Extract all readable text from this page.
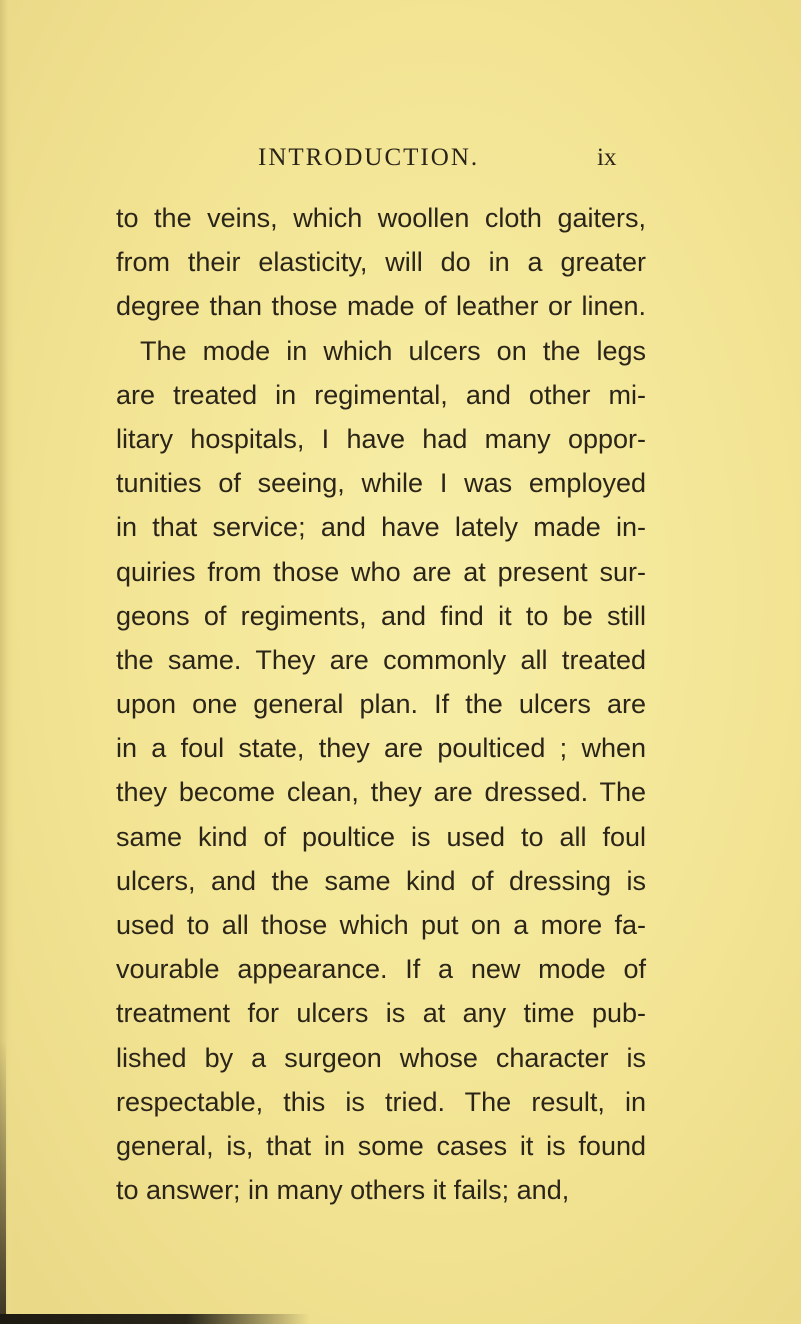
INTRODUCTION.	ix
to the veins, which woollen cloth gaiters,
from their elasticity, will do in a greater
degree than those made of leather or linen.
The mode in which ulcers on the legs
are treated in regimental, and other mi-
litary hospitals, I have had many oppor-
tunities of seeing, while I was employed
in that service; and have lately made in-
quiries from those who are at present sur-
geons of regiments, and find it to be still
the same. They are commonly all treated
upon one general plan. If the ulcers are
in a foul state, they are poulticed ; when
they become clean, they are dressed. The
same kind of poultice is used to all foul
ulcers, and the same kind of dressing is
used to all those which put on a more fa-
vourable appearance. If a new mode of
treatment for ulcers is at any time pub-
lished by a surgeon whose character is
respectable, this is tried. The result, in
general, is, that in some cases it is found
to answer; in many others it fails; and,
